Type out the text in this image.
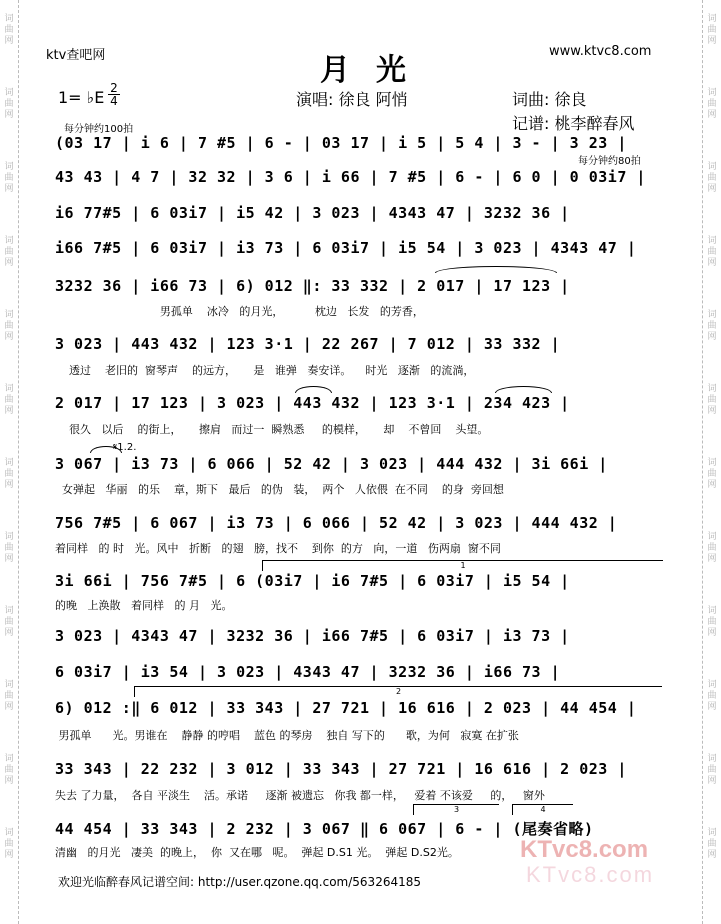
词曲网
词曲网
词曲网
词曲网
词曲网
词曲网
词曲网
词曲网
词曲网
词曲网
词曲网
词曲网
词曲网
词曲网
词曲网
词曲网
词曲网
词曲网
词曲网
词曲网
词曲网
词曲网
词曲网
词曲网
ktv查吧网	www.ktvc8.com
月光
1= ♭E 2
4	演唱: 徐良 阿悄	词曲: 徐良
记谱: 桃李醉春风
每分钟约100拍
每分钟约80拍
(03 17 | i 6 | 7 #5 | 6 - | 03 17 | i 5 | 5 4 | 3 - | 3 23 |
43 43 | 4 7 | 32 32 | 3 6 | i 66 | 7 #5 | 6 - | 6 0 | 0 03i7 |
i6 77#5 | 6 03i7 | i5 42 | 3 023 | 4343 47 | 3232 36 |
i66 7#5 | 6 03i7 | i3 73 | 6 03i7 | i5 54 | 3 023 | 4343 47 |
3232 36 | i66 73 | 6) 012 ‖: 33 332 | 2 017 | 17 123 |
男孤单    冰冷   的月光，         枕边   长发   的芳香，
3 023 | 443 432 | 123 3·1 | 22 267 | 7 012 | 33 332 |
透过    老旧的  窗琴声    的远方，     是   谁弹   奏安详。    时光   逐渐   的流淌，
2 017 | 17 123 | 3 023 | 443 432 | 123 3·1 | 234 423 |
很久   以后    的街上，     擦肩   而过一  瞬熟悉     的模样，     却    不曾回    头望。
3 067 | i3 73 | 6 066 | 52 42 | 3 023 | 444 432 | 3i 66i |
女弹起   华丽   的乐    章，斯下   最后   的伪   装，  两个   人依偎  在不同    的身  旁回想
756 7#5 | 6 067 | i3 73 | 6 066 | 52 42 | 3 023 | 444 432 |
着同样   的 时   光。风中   折断   的翅   膀，找不    到你  的方   向，一道   伤两扇  窗不同
3i 66i | 756 7#5 | 6 (03i7 | i6 7#5 | 6 03i7 | i5 54 |
的晚   上涣散   着同样   的 月   光。
3 023 | 4343 47 | 3232 36 | i66 7#5 | 6 03i7 | i3 73 |
6 03i7 | i3 54 | 3 023 | 4343 47 | 3232 36 | i66 73 |
6) 012 :‖ 6 012 | 33 343 | 27 721 | 16 616 | 2 023 | 44 454 |
男孤单      光。男谁在    静静 的哼唱    蓝色 的琴房    独自 写下的      歌，为何   寂寞 在扩张
33 343 | 22 232 | 3 012 | 33 343 | 27 721 | 16 616 | 2 023 |
失去 了力量，  各自 平淡生    活。承诺     逐渐 被遗忘   你我 都一样，   爱着 不该爱     的，   窗外
44 454 | 33 343 | 2 232 | 3 067 ‖ 6 067 | 6 - | (尾奏省略)
清幽   的月光   凄美  的晚上，  你  又在哪   呢。  弹起 D.S1 光。  弹起 D.S2光。
𝄋1.2.
1
2
3	4
欢迎光临醉春风记谱空间: http://user.qzone.qq.com/563264185
KTvc8.com
KTvc8.com
